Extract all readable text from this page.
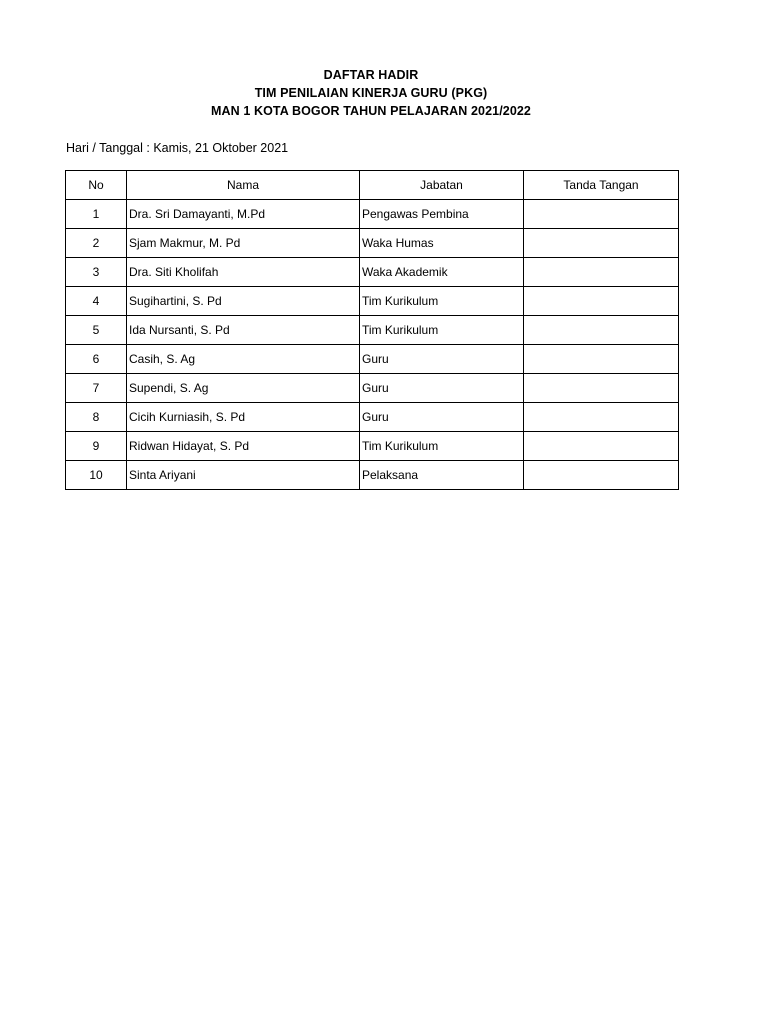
DAFTAR HADIR
TIM PENILAIAN KINERJA GURU (PKG)
MAN 1 KOTA BOGOR TAHUN PELAJARAN 2021/2022
Hari / Tanggal : Kamis, 21 Oktober 2021
No	Nama	Jabatan	Tanda Tangan
1	Dra. Sri Damayanti, M.Pd	Pengawas Pembina	
2	Sjam Makmur, M. Pd	Waka Humas	
3	Dra. Siti Kholifah	Waka Akademik	
4	Sugihartini, S. Pd	Tim Kurikulum	
5	Ida Nursanti, S. Pd	Tim Kurikulum	
6	Casih, S. Ag	Guru	
7	Supendi, S. Ag	Guru	
8	Cicih Kurniasih, S. Pd	Guru	
9	Ridwan Hidayat, S. Pd	Tim Kurikulum	
10	Sinta Ariyani	Pelaksana	
